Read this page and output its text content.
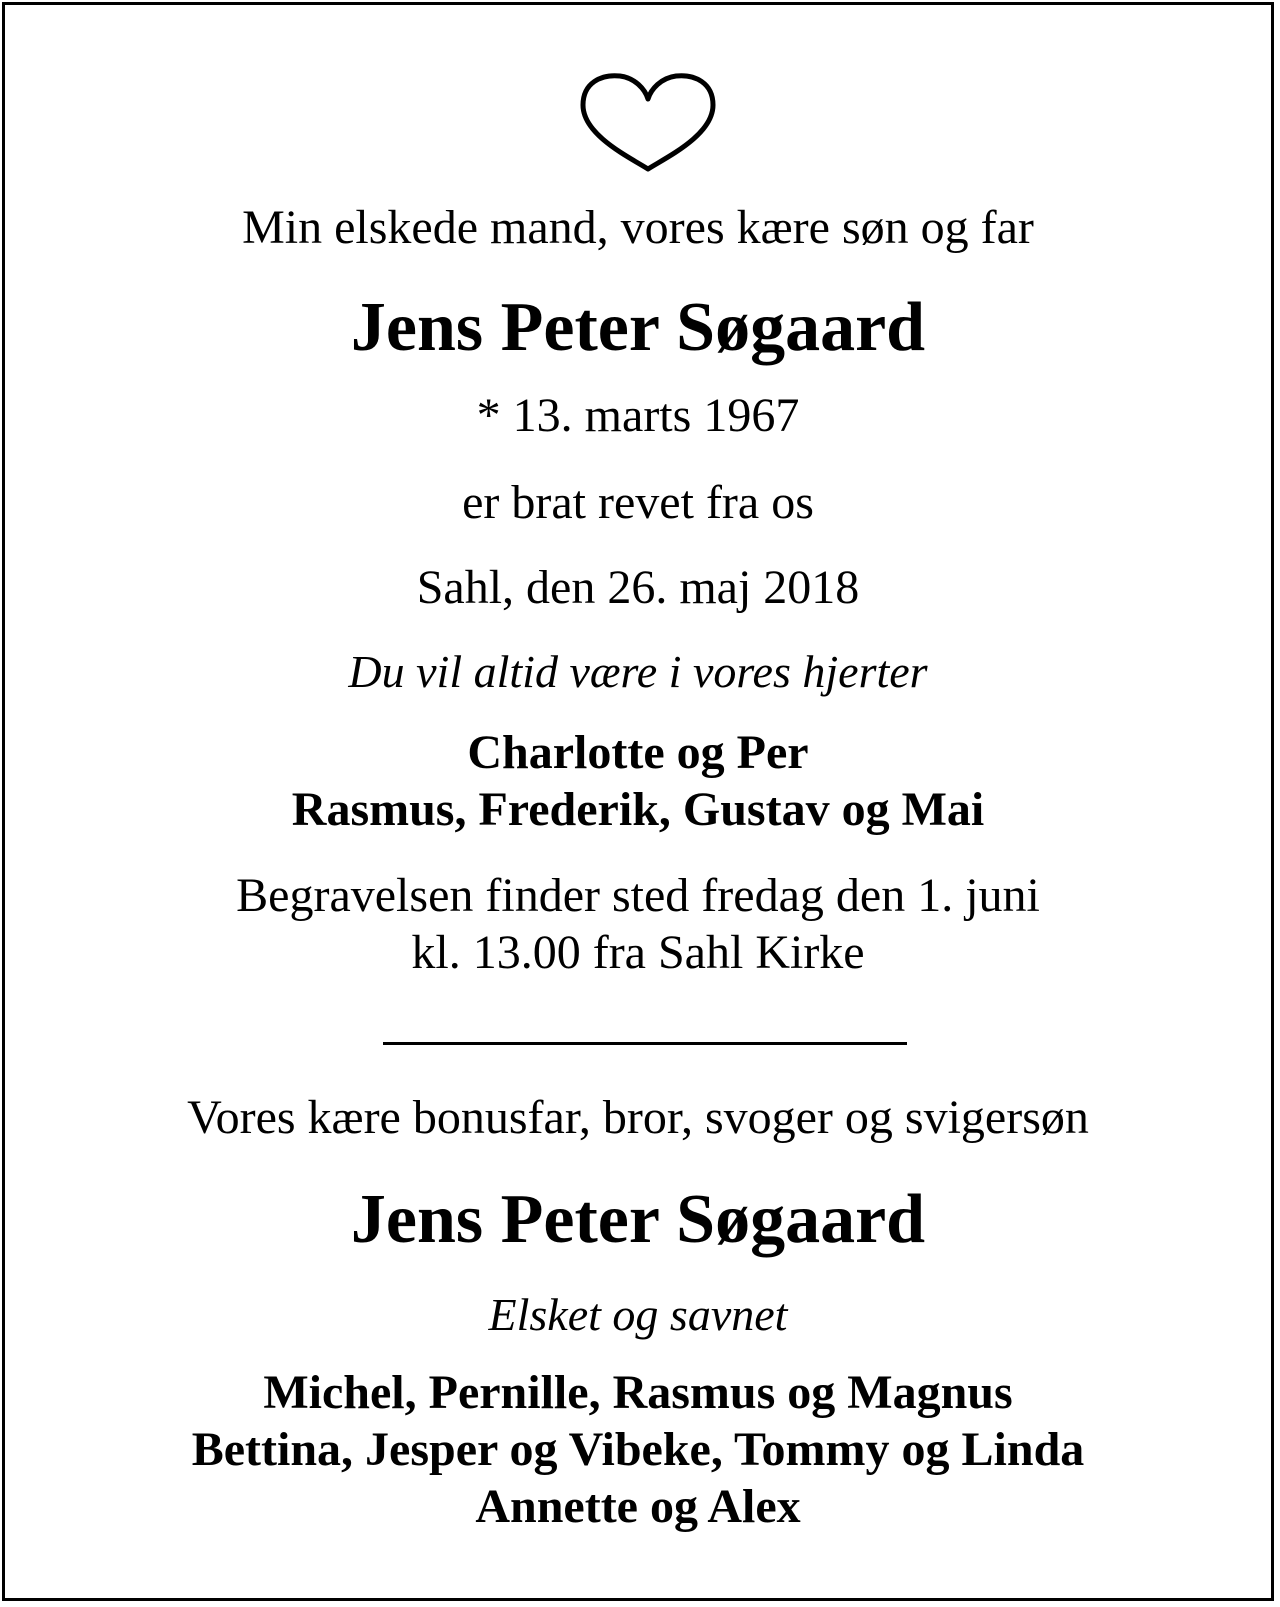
Min elskede mand, vores kære søn og far
Jens Peter Søgaard
* 13. marts 1967
er brat revet fra os
Sahl, den 26. maj 2018
Du vil altid være i vores hjerter
Charlotte og Per
Rasmus, Frederik, Gustav og Mai
Begravelsen finder sted fredag den 1. juni
kl. 13.00 fra Sahl Kirke
Vores kære bonusfar, bror, svoger og svigersøn
Jens Peter Søgaard
Elsket og savnet
Michel, Pernille, Rasmus og Magnus
Bettina, Jesper og Vibeke, Tommy og Linda
Annette og Alex
